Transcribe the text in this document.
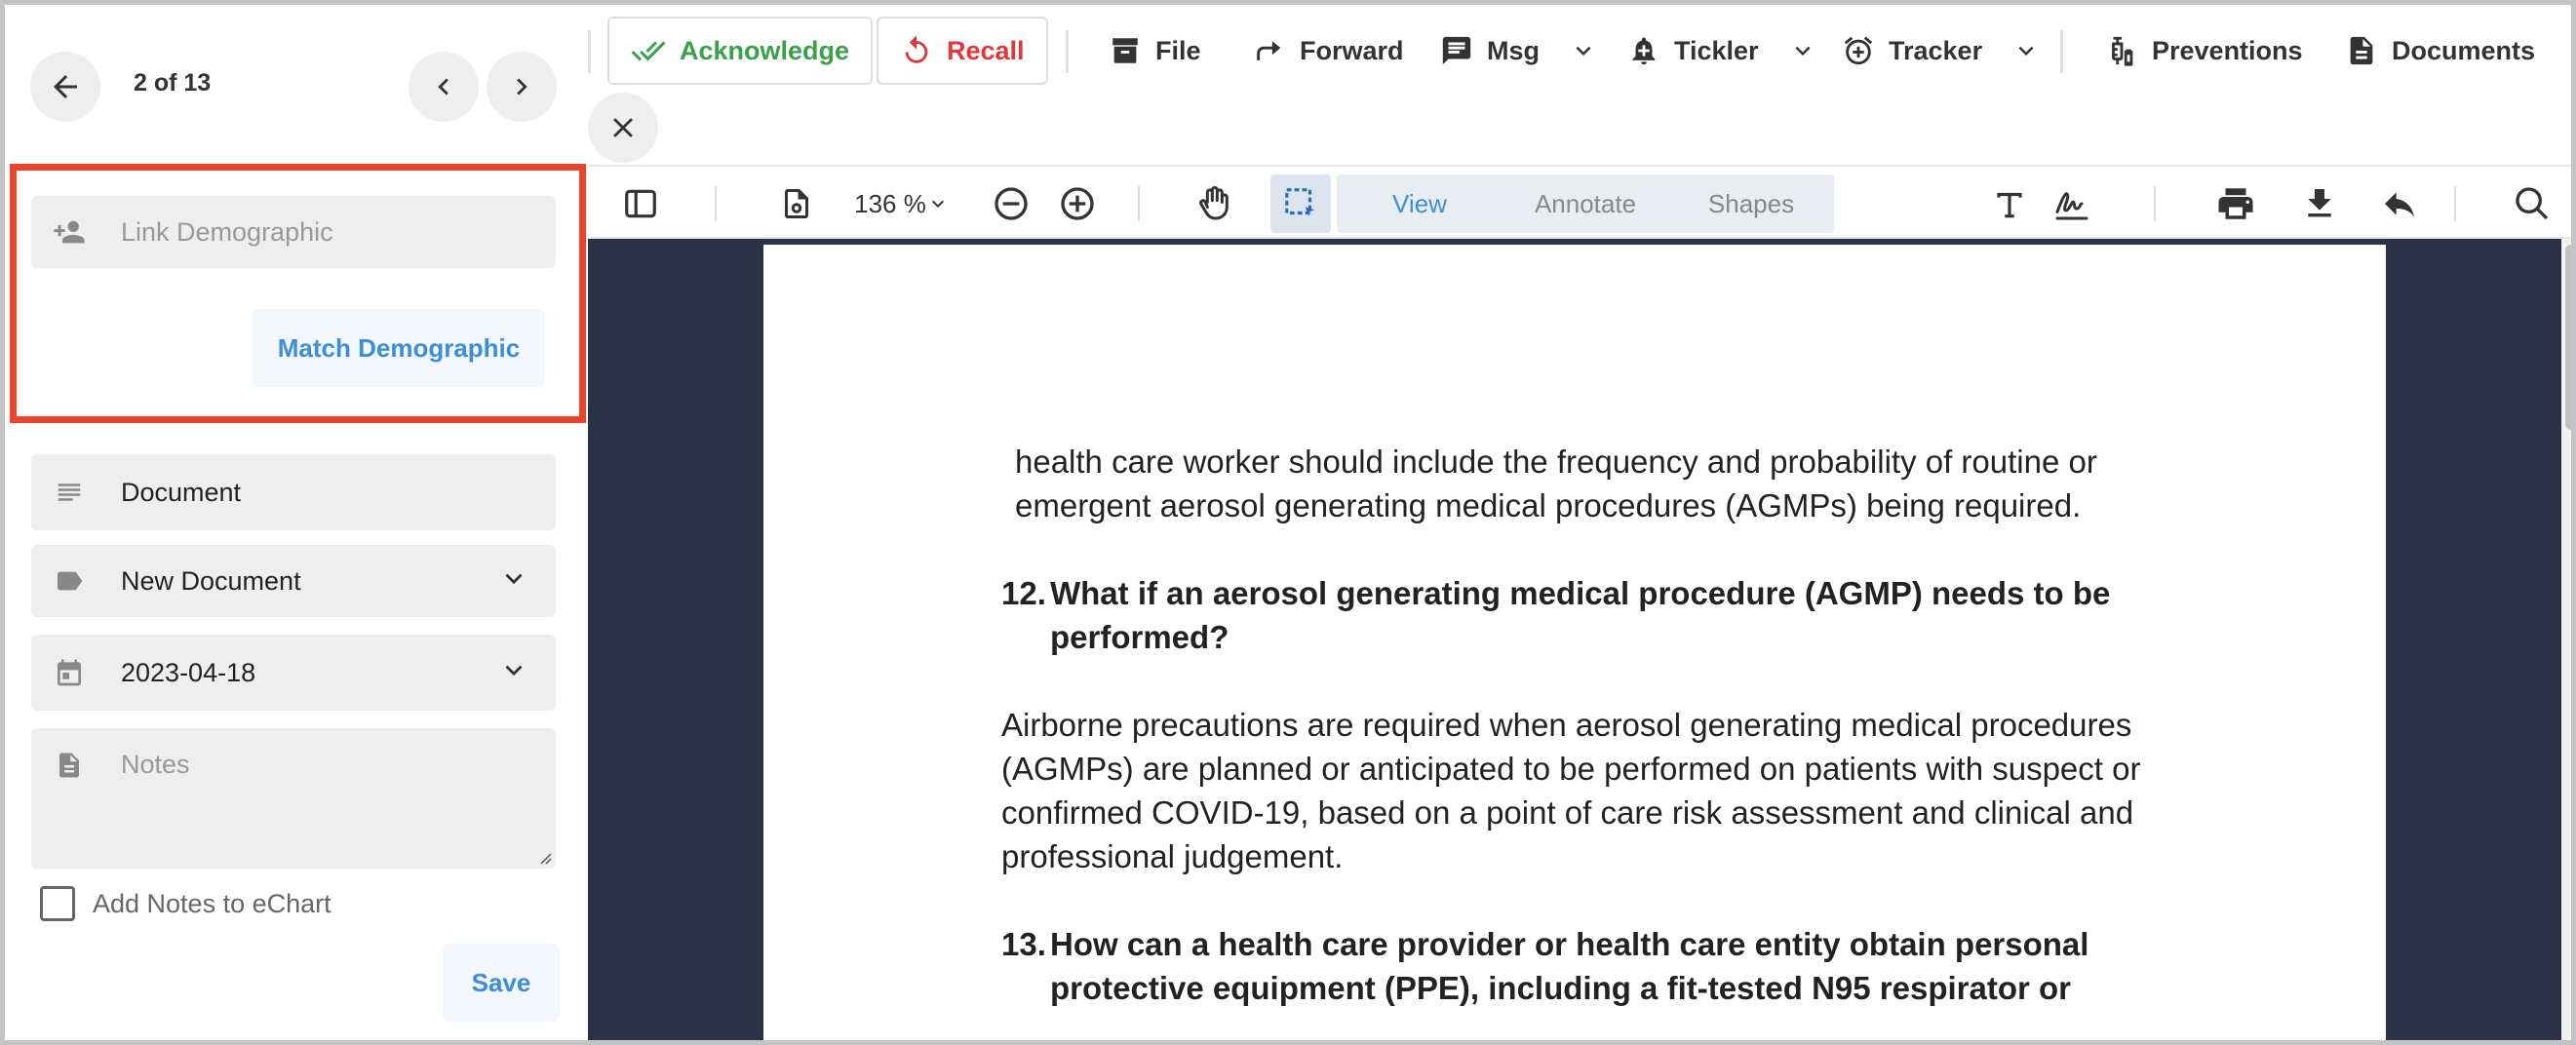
2 of 13
Link Demographic
Match Demographic
Document
New Document
2023-04-18
Notes
Add Notes to eChart
Save
Acknowledge	Recall	File	Forward	Msg	Tickler	Tracker	Preventions	Documents
136 %	View	Annotate	Shapes

health care worker should include the frequency and probability of routine or emergent aerosol generating medical procedures (AGMPs) being required.

12. What if an aerosol generating medical procedure (AGMP) needs to be performed?

Airborne precautions are required when aerosol generating medical procedures (AGMPs) are planned or anticipated to be performed on patients with suspect or confirmed COVID-19, based on a point of care risk assessment and clinical and professional judgement.

13. How can a health care provider or health care entity obtain personal protective equipment (PPE), including a fit-tested N95 respirator or
